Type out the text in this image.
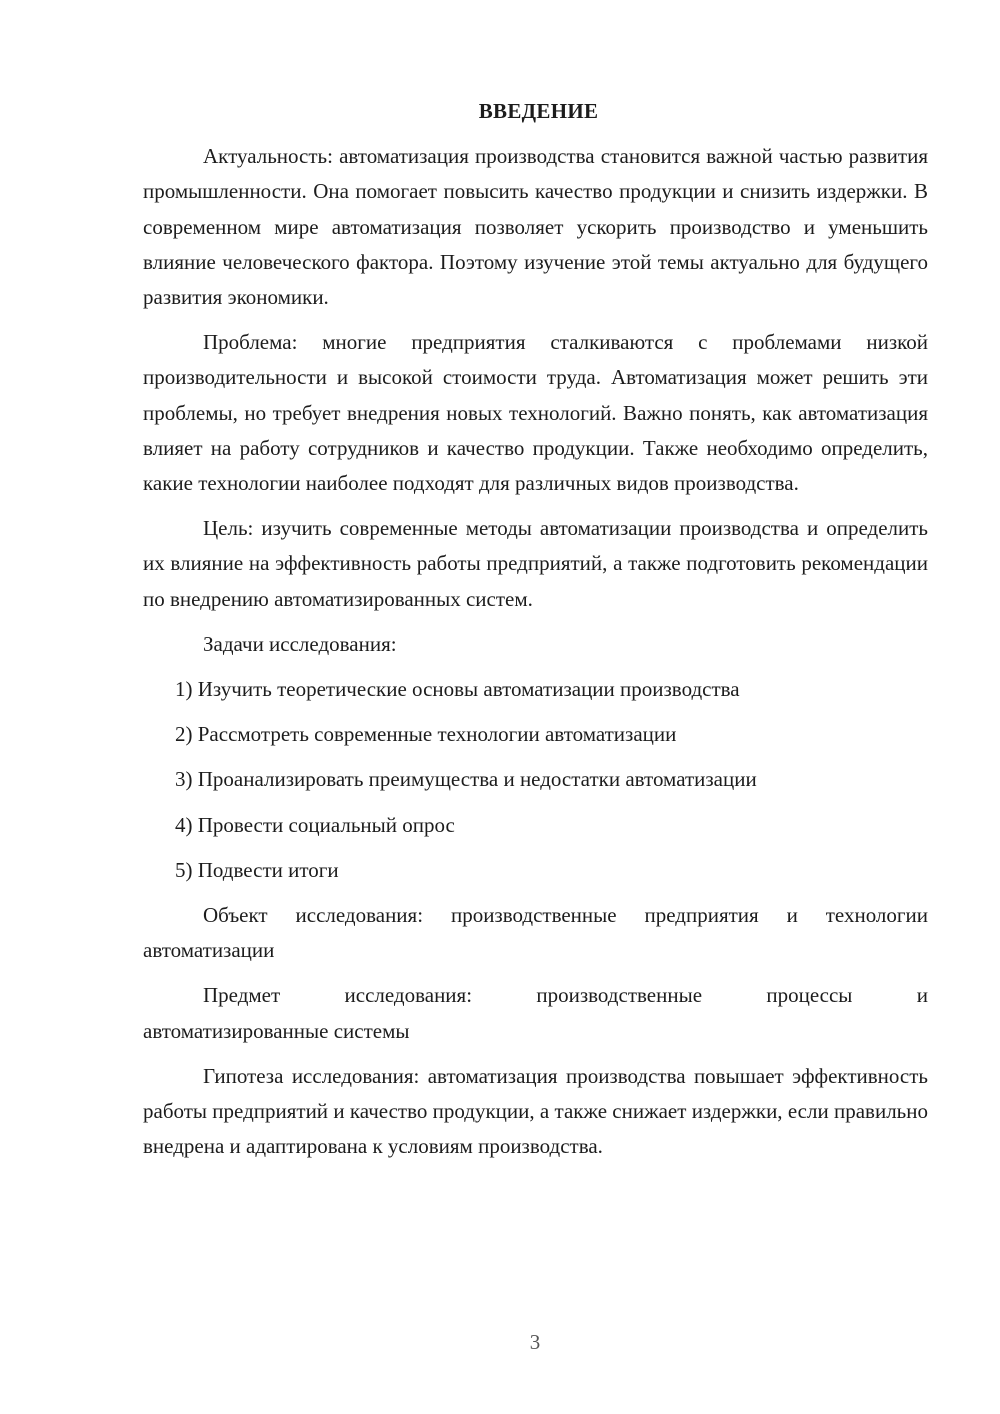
ВВЕДЕНИЕ

Актуальность: автоматизация производства становится важной частью развития промышленности. Она помогает повысить качество продукции и снизить издержки. В современном мире автоматизация позволяет ускорить производство и уменьшить влияние человеческого фактора. Поэтому изучение этой темы актуально для будущего развития экономики.

Проблема: многие предприятия сталкиваются с проблемами низкой производительности и высокой стоимости труда. Автоматизация может решить эти проблемы, но требует внедрения новых технологий. Важно понять, как автоматизация влияет на работу сотрудников и качество продукции. Также необходимо определить, какие технологии наиболее подходят для различных видов производства.

Цель: изучить современные методы автоматизации производства и определить их влияние на эффективность работы предприятий, а также подготовить рекомендации по внедрению автоматизированных систем.

Задачи исследования:

1) Изучить теоретические основы автоматизации производства

2) Рассмотреть современные технологии автоматизации

3) Проанализировать преимущества и недостатки автоматизации

4) Провести социальный опрос

5) Подвести итоги

Объект исследования: производственные предприятия и технологии автоматизации

Предмет исследования: производственные процессы и
автоматизированные системы

Гипотеза исследования: автоматизация производства повышает эффективность работы предприятий и качество продукции, а также снижает издержки, если правильно внедрена и адаптирована к условиям производства.

3
